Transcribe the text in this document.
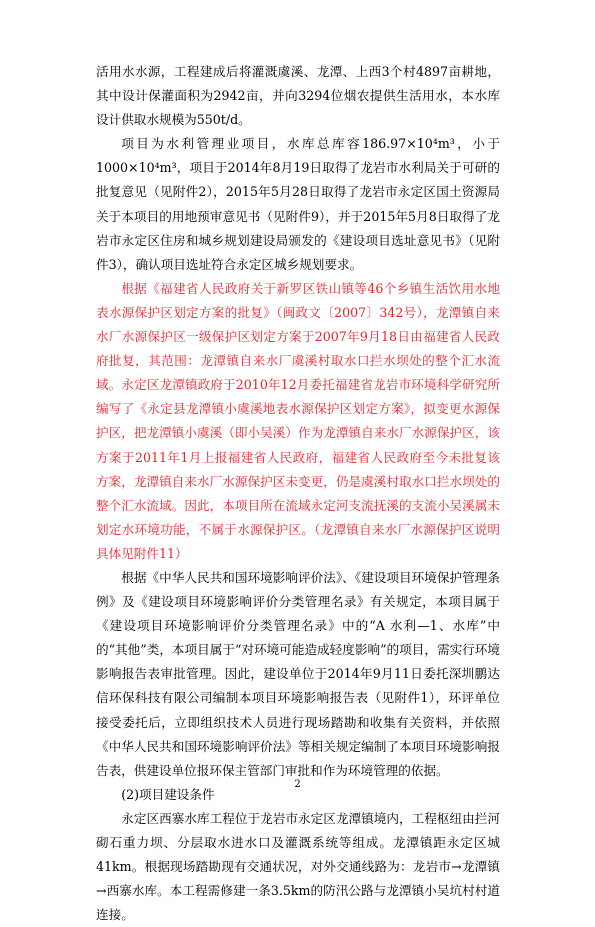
活用水水源，工程建成后将灌溉虞溪、龙潭、上西3个村4897亩耕地，其中设计保灌面积为2942亩，并向3294位烟农提供生活用水，本水库设计供取水规模为550t/d。

项目为水利管理业项目，水库总库容186.97×10⁴m³，小于1000×10⁴m³，项目于2014年8月19日取得了龙岩市水利局关于可研的批复意见（见附件2），2015年5月28日取得了龙岩市永定区国土资源局关于本项目的用地预审意见书（见附件9），并于2015年5月8日取得了龙岩市永定区住房和城乡规划建设局颁发的《建设项目选址意见书》（见附件3），确认项目选址符合永定区城乡规划要求。

根据《福建省人民政府关于新罗区铁山镇等46个乡镇生活饮用水地表水源保护区划定方案的批复》（闽政文〔2007〕342号），龙潭镇自来水厂水源保护区一级保护区划定方案于2007年9月18日由福建省人民政府批复，其范围：龙潭镇自来水厂虞溪村取水口拦水坝处的整个汇水流域。永定区龙潭镇政府于2010年12月委托福建省龙岩市环境科学研究所编写了《永定县龙潭镇小虞溪地表水源保护区划定方案》，拟变更水源保护区，把龙潭镇小虞溪（即小吴溪）作为龙潭镇自来水厂水源保护区，该方案于2011年1月上报福建省人民政府，福建省人民政府至今未批复该方案，龙潭镇自来水厂水源保护区未变更，仍是虞溪村取水口拦水坝处的整个汇水流域。因此，本项目所在流域永定河支流抚溪的支流小吴溪属未划定水环境功能，不属于水源保护区。（龙潭镇自来水厂水源保护区说明具体见附件11）

根据《中华人民共和国环境影响评价法》、《建设项目环境保护管理条例》及《建设项目环境影响评价分类管理名录》有关规定，本项目属于《建设项目环境影响评价分类管理名录》中的“A 水利—1、水库”中的“其他”类，本项目属于“对环境可能造成轻度影响”的项目，需实行环境影响报告表审批管理。因此，建设单位于2014年9月11日委托深圳鹏达信环保科技有限公司编制本项目环境影响报告表（见附件1），环评单位接受委托后，立即组织技术人员进行现场踏勘和收集有关资料，并依照《中华人民共和国环境影响评价法》等相关规定编制了本项目环境影响报告表，供建设单位报环保主管部门审批和作为环境管理的依据。

(2)项目建设条件

永定区西寨水库工程位于龙岩市永定区龙潭镇境内，工程枢纽由拦河砌石重力坝、分层取水进水口及灌溉系统等组成。龙潭镇距永定区城41km。根据现场踏勘现有交通状况，对外交通线路为：龙岩市→龙潭镇→西寨水库。本工程需修建一条3.5km的防汛公路与龙潭镇小吴坑村村道连接。

2
